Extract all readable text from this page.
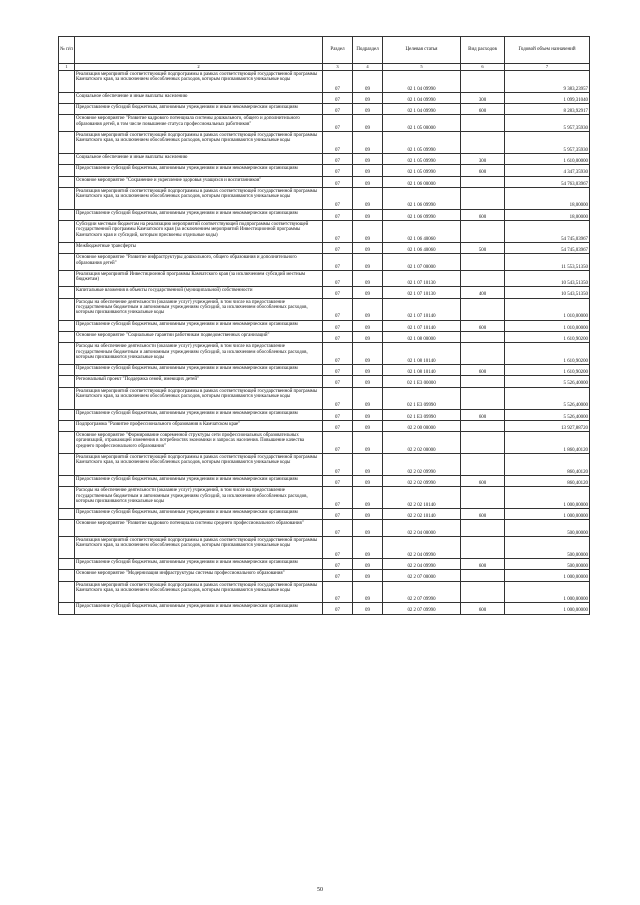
№ п/п		Раздел	Подраздел	Целевая статья	Вид расходов	Годовой объем назначений
1	2	3	4	5	6	7
	Реализация мероприятий соответствующей подпрограммы в рамках соответствующей государственной программы Камчатского края, за исключением обособленных расходов, которым присваиваются уникальные коды	07	09	02 1 04 09990		9 383,23957
	Социальное обеспечение и иные выплаты населению	07	09	02 1 04 09990	300	1 099,31040
	Предоставление субсидий бюджетным, автономным учреждениям и иным некоммерческим организациям	07	09	02 1 04 09990	600	8 283,92917
	Основное мероприятие "Развитие кадрового потенциала системы дошкольного, общего и дополнительного образования детей, в том числе повышение статуса профессиональных работников"	07	09	02 1 05 00000		5 957,35930
	Реализация мероприятий соответствующей подпрограммы в рамках соответствующей государственной программы Камчатского края, за исключением обособленных расходов, которым присваиваются уникальные коды	07	09	02 1 05 09990		5 957,35930
	Социальное обеспечение и иные выплаты населению	07	09	02 1 05 09990	300	1 610,00000
	Предоставление субсидий бюджетным, автономным учреждениям и иным некоммерческим организациям	07	09	02 1 05 09990	600	4 347,35930
	Основное мероприятие "Сохранение и укрепление здоровья учащихся и воспитанников"	07	09	02 1 06 00000		54 763,03967
	Реализация мероприятий соответствующей подпрограммы в рамках соответствующей государственной программы Камчатского края, за исключением обособленных расходов, которым присваиваются уникальные коды	07	09	02 1 06 09990		18,00000
	Предоставление субсидий бюджетным, автономным учреждениям и иным некоммерческим организациям	07	09	02 1 06 09990	600	18,00000
	Субсидии местным бюджетам на реализацию мероприятий соответствующей подпрограммы соответствующей государственной программы Камчатского края (за исключением мероприятий Инвестиционной программы Камчатского края и субсидий, которым присвоены отдельные коды)	07	09	02 1 06 40060		54 745,03967
	Межбюджетные трансферты	07	09	02 1 06 40060	500	54 745,03967
	Основное мероприятие "Развитие инфраструктуры дошкольного, общего образования и дополнительного образования детей"	07	09	02 1 07 00000		11 553,51350
	Реализация мероприятий Инвестиционной программы Камчатского края (за исключением субсидий местным бюджетам)	07	09	02 1 07 10130		10 543,51350
	Капитальные вложения в объекты государственной (муниципальной) собственности	07	09	02 1 07 10130	400	10 543,51350
	Расходы на обеспечение деятельности (оказание услуг) учреждений, в том числе на предоставление государственным бюджетным и автономным учреждениям субсидий, за исключением обособленных расходов, которым присваиваются уникальные коды	07	09	02 1 07 10140		1 010,00000
	Предоставление субсидий бюджетным, автономным учреждениям и иным некоммерческим организациям	07	09	02 1 07 10140	600	1 010,00000
	Основное мероприятие "Социальные гарантии работникам подведомственных организаций"	07	09	02 1 08 00000		1 610,90200
	Расходы на обеспечение деятельности (оказание услуг) учреждений, в том числе на предоставление государственным бюджетным и автономным учреждениям субсидий, за исключением обособленных расходов, которым присваиваются уникальные коды	07	09	02 1 08 10140		1 610,90200
	Предоставление субсидий бюджетным, автономным учреждениям и иным некоммерческим организациям	07	09	02 1 08 10140	600	1 610,90200
	Региональный проект "Поддержка семей, имеющих детей"	07	09	02 1 E3 00000		5 526,40000
	Реализация мероприятий соответствующей подпрограммы в рамках соответствующей государственной программы Камчатского края, за исключением обособленных расходов, которым присваиваются уникальные коды	07	09	02 1 E3 09990		5 526,40000
	Предоставление субсидий бюджетным, автономным учреждениям и иным некоммерческим организациям	07	09	02 1 E3 09990	600	5 526,40000
	Подпрограмма "Развитие профессионального образования в Камчатском крае"	07	09	02 2 00 00000		13 927,88720
	Основное мероприятие "Формирование современной структуры сети профессиональных образовательных организаций, отражающей изменения в потребностях экономики и запросах населения. Повышение качества среднего профессионального образования"	07	09	02 2 02 00000		1 860,40120
	Реализация мероприятий соответствующей подпрограммы в рамках соответствующей государственной программы Камчатского края, за исключением обособленных расходов, которым присваиваются уникальные коды	07	09	02 2 02 09990		860,40120
	Предоставление субсидий бюджетным, автономным учреждениям и иным некоммерческим организациям	07	09	02 2 02 09990	600	860,40120
	Расходы на обеспечение деятельности (оказание услуг) учреждений, в том числе на предоставление государственным бюджетным и автономным учреждениям субсидий, за исключением обособленных расходов, которым присваиваются уникальные коды	07	09	02 2 02 10140		1 000,00000
	Предоставление субсидий бюджетным, автономным учреждениям и иным некоммерческим организациям	07	09	02 2 02 10140	600	1 000,00000
	Основное мероприятие "Развитие кадрового потенциала системы среднего профессионального образования"	07	09	02 2 04 00000		500,00000
	Реализация мероприятий соответствующей подпрограммы в рамках соответствующей государственной программы Камчатского края, за исключением обособленных расходов, которым присваиваются уникальные коды	07	09	02 2 04 09990		500,00000
	Предоставление субсидий бюджетным, автономным учреждениям и иным некоммерческим организациям	07	09	02 2 04 09990	600	500,00000
	Основное мероприятие "Модернизация инфраструктуры системы профессионального образования"	07	09	02 2 07 00000		1 000,00000
	Реализация мероприятий соответствующей подпрограммы в рамках соответствующей государственной программы Камчатского края, за исключением обособленных расходов, которым присваиваются уникальные коды	07	09	02 2 07 09990		1 000,00000
	Предоставление субсидий бюджетным, автономным учреждениям и иным некоммерческим организациям	07	09	02 2 07 09990	600	1 000,00000
50
